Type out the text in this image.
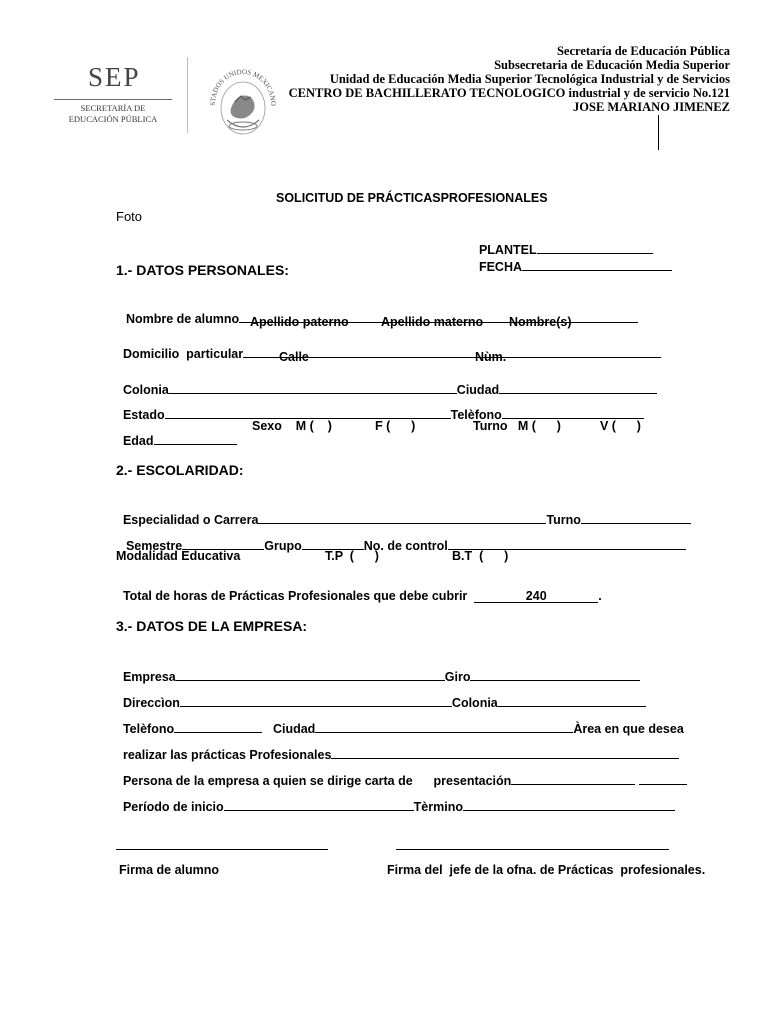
SEP

SECRETARÍA DE

EDUCACIÓN PÚBLICA

STADOS UNIDOS MEXICANO

Secretaría de Educación Pública
Subsecretaria de Educación Media Superior
Unidad de Educación Media Superior Tecnológica Industrial y de Servicios
CENTRO DE BACHILLERATO TECNOLOGICO industrial y de servicio No.121
JOSE MARIANO JIMENEZ
SOLICITUD DE PRÁCTICASPROFESIONALES
Foto

PLANTEL

FECHA

1.- DATOS PERSONALES:

Nombre de alumno Apellido paterno	Apellido materno Nombre(s)

Domicilio  particular	Calle	Nùm.

Colonia	Ciudad

Estado	Telèfono

Edad

Sexo    M (    )	F (      )	Turno   M (      )	V (      )
2.- ESCOLARIDAD:

Especialidad o Carrera	Turno

Semestre	Grupo	No. de control

Modalidad Educativa	T.P  (      )	B.T  (      )

Total de horas de Prácticas Profesionales que debe cubrir	240	.

3.- DATOS DE LA EMPRESA:

Empresa	Giro

Direccìon	Colonia

Telèfono	Ciudad	Àrea en que desea

realizar las prácticas Profesionales

Persona de la empresa a quien se dirige carta de      presentación

Período de inicio	Tèrmino

Firma de alumno	Firma del  jefe de la ofna. de Prácticas  profesionales.
